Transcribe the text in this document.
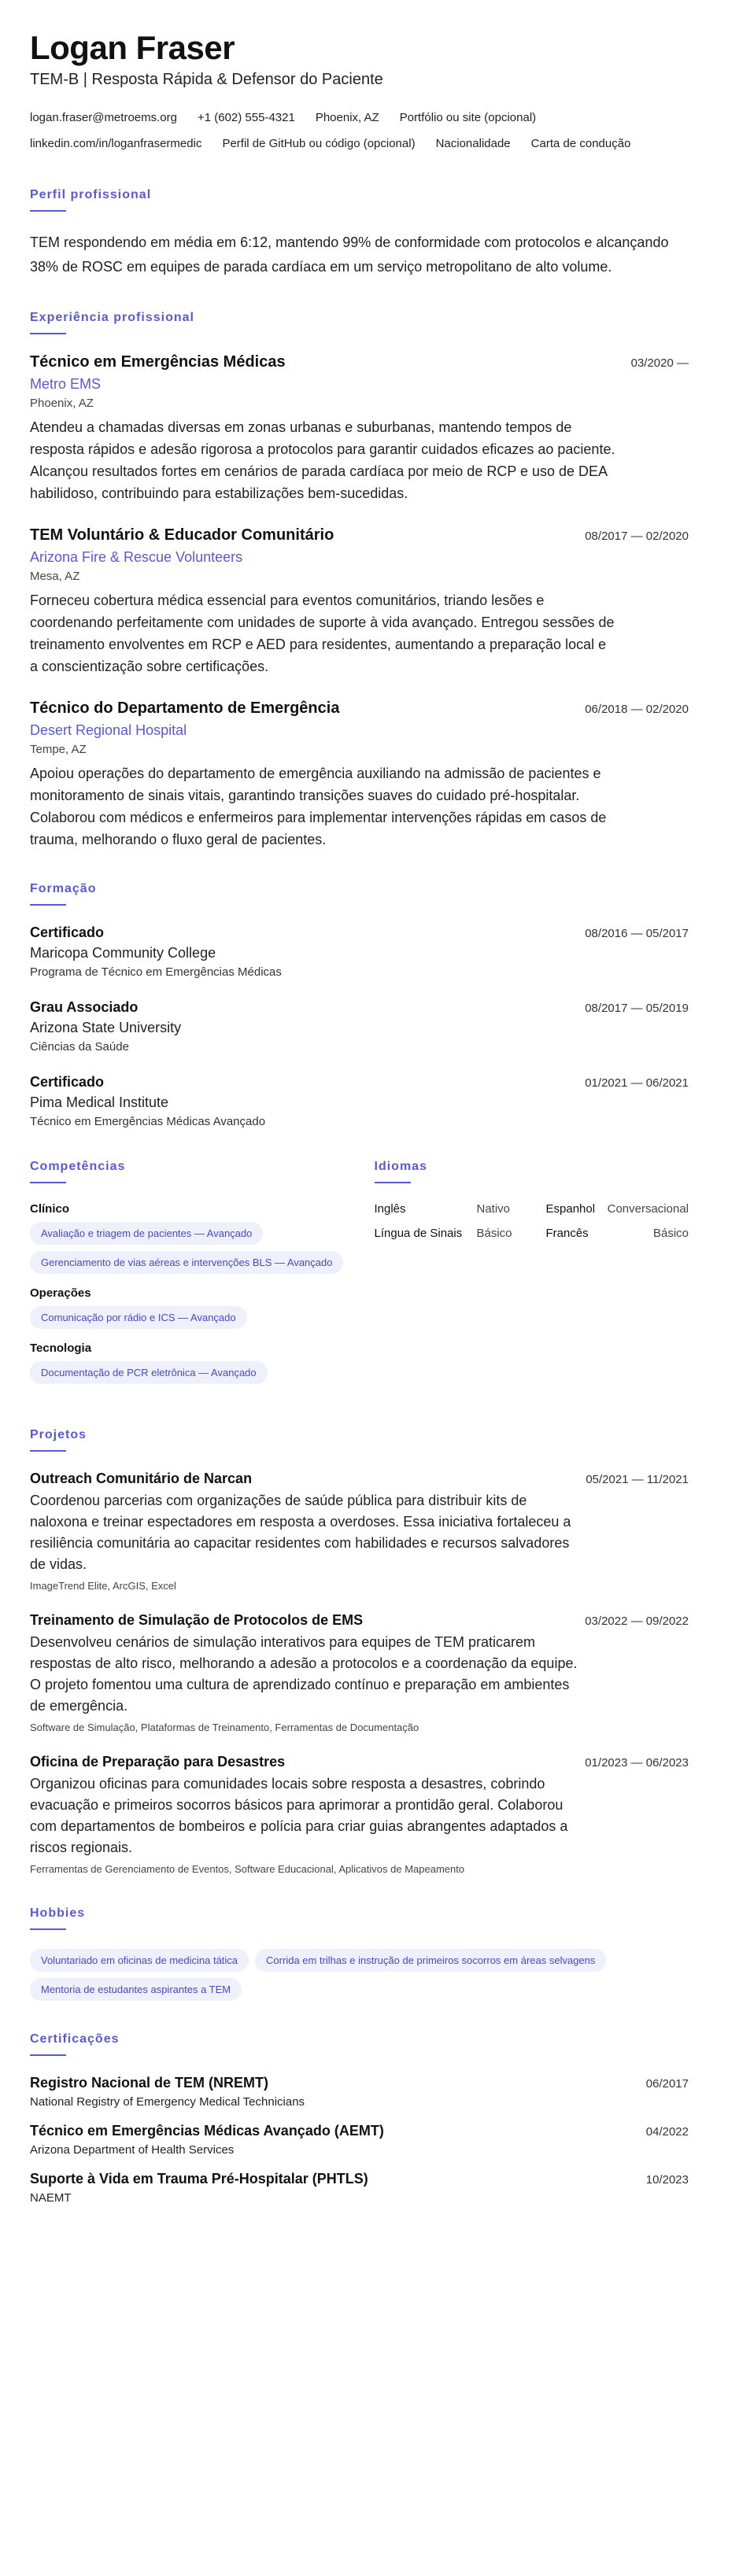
Logan Fraser
TEM-B | Resposta Rápida & Defensor do Paciente
logan.fraser@metroems.org +1 (602) 555-4321 Phoenix, AZ Portfólio ou site (opcional)
linkedin.com/in/loganfrasermedic Perfil de GitHub ou código (opcional) Nacionalidade Carta de condução
Perfil profissional

TEM respondendo em média em 6:12, mantendo 99% de conformidade com protocolos e alcançando 38% de ROSC em equipes de parada cardíaca em um serviço metropolitano de alto volume.

Experiência profissional
Técnico em Emergências Médicas	03/2020 —
Metro EMS
Phoenix, AZ
Atendeu a chamadas diversas em zonas urbanas e suburbanas, mantendo tempos de resposta rápidos e adesão rigorosa a protocolos para garantir cuidados eficazes ao paciente. Alcançou resultados fortes em cenários de parada cardíaca por meio de RCP e uso de DEA habilidoso, contribuindo para estabilizações bem-sucedidas.
TEM Voluntário & Educador Comunitário	08/2017 — 02/2020
Arizona Fire & Rescue Volunteers
Mesa, AZ
Forneceu cobertura médica essencial para eventos comunitários, triando lesões e coordenando perfeitamente com unidades de suporte à vida avançado. Entregou sessões de treinamento envolventes em RCP e AED para residentes, aumentando a preparação local e a conscientização sobre certificações.
Técnico do Departamento de Emergência	06/2018 — 02/2020
Desert Regional Hospital
Tempe, AZ
Apoiou operações do departamento de emergência auxiliando na admissão de pacientes e monitoramento de sinais vitais, garantindo transições suaves do cuidado pré-hospitalar. Colaborou com médicos e enfermeiros para implementar intervenções rápidas em casos de trauma, melhorando o fluxo geral de pacientes.
Formação
Certificado	08/2016 — 05/2017
Maricopa Community College
Programa de Técnico em Emergências Médicas
Grau Associado	08/2017 — 05/2019
Arizona State University
Ciências da Saúde
Certificado	01/2021 — 06/2021
Pima Medical Institute
Técnico em Emergências Médicas Avançado
Competências
Clínico
Avaliação e triagem de pacientes — Avançado
Gerenciamento de vias aéreas e intervenções BLS — Avançado
Operações
Comunicação por rádio e ICS — Avançado
Tecnologia
Documentação de PCR eletrônica — Avançado
Idiomas
Inglês	Nativo	Espanhol Conversacional
Língua de Sinais	Básico	Francês	Básico
Projetos
Outreach Comunitário de Narcan	05/2021 — 11/2021
Coordenou parcerias com organizações de saúde pública para distribuir kits de naloxona e treinar espectadores em resposta a overdoses. Essa iniciativa fortaleceu a resiliência comunitária ao capacitar residentes com habilidades e recursos salvadores de vidas.
ImageTrend Elite, ArcGIS, Excel
Treinamento de Simulação de Protocolos de EMS	03/2022 — 09/2022
Desenvolveu cenários de simulação interativos para equipes de TEM praticarem respostas de alto risco, melhorando a adesão a protocolos e a coordenação da equipe. O projeto fomentou uma cultura de aprendizado contínuo e preparação em ambientes de emergência.
Software de Simulação, Plataformas de Treinamento, Ferramentas de Documentação
Oficina de Preparação para Desastres	01/2023 — 06/2023
Organizou oficinas para comunidades locais sobre resposta a desastres, cobrindo evacuação e primeiros socorros básicos para aprimorar a prontidão geral. Colaborou com departamentos de bombeiros e polícia para criar guias abrangentes adaptados a riscos regionais.
Ferramentas de Gerenciamento de Eventos, Software Educacional, Aplicativos de Mapeamento
Hobbies
Voluntariado em oficinas de medicina tática	Corrida em trilhas e instrução de primeiros socorros em áreas selvagens
Mentoria de estudantes aspirantes a TEM
Certificações
Registro Nacional de TEM (NREMT)	06/2017
National Registry of Emergency Medical Technicians
Técnico em Emergências Médicas Avançado (AEMT)	04/2022
Arizona Department of Health Services
Suporte à Vida em Trauma Pré-Hospitalar (PHTLS)	10/2023
NAEMT
